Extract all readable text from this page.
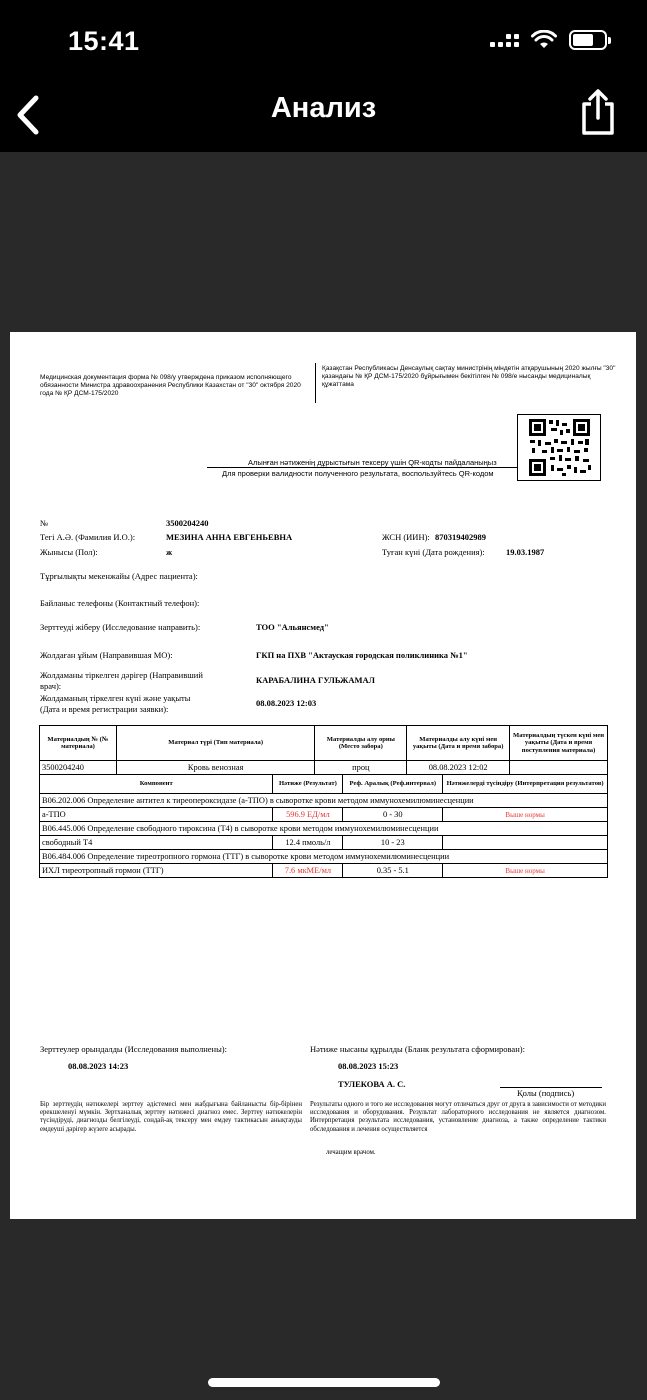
15:41
Анализ
Медицинская документация форма № 098/у утверждена приказом исполняющего обязанности Министра здравоохранения Республики Казахстан от "30" октября 2020 года № ҚР ДСМ-175/2020
Қазақстан Республикасы Денсаулық сақтау министрінің міндетін атқарушының 2020 жылғы "30" қазандағы № ҚР ДСМ-175/2020 бұйрығымен бекітілген № 098/е нысанды медициналық құжаттама
Алынған нәтиженің дұрыстығын тексеру үшін QR-кодты пайдаланыңыз
Для проверки валидности полученного результата, воспользуйтесь QR-кодом
№	3500204240
Тегі А.Ә. (Фамилия И.О.):	МЕЗИНА АННА ЕВГЕНЬЕВНА	ЖСН (ИИН): 870319402989
Жынысы (Пол):	ж	Туған күні (Дата рождения):	19.03.1987
Тұрғылықты мекенжайы (Адрес пациента):
Байланыс телефоны (Контактный телефон):
Зерттеуді жіберу (Исследование направить):	ТОО "Альянсмед"
Жолдаған ұйым (Направившая МО):	ГКП на ПХВ "Актауская городская поликлиника №1"
Жолдаманы тіркелген дәрігер (Направивший
врач):
КАРАБАЛИНА ГУЛЬЖАМАЛ
Жолдаманың тіркелген күні және уақыты
(Дата и время регистрации заявки):
08.08.2023 12:03
Материалдың № (№ материала)	Материал түрі (Тип материала)		Материалды алу орны (Место забора)		Материалды алу күні мен уақыты (Дата и время забора)		Материалдың түскен күні мен уақыты (Дата и время поступления материала)
3500204240	Кровь венозная		проц		08.08.2023 12:02		
Компонент		Нәтиже (Результат)		Реф. Аралық (Реф.интервал)		Нәтижелерді түсіндіру (Интерпретация результатов)	
В06.202.006 Определение антител к тиреопероксидазе (а-ТПО) в сыворотке крови методом иммунохемилюминесценции							
а-ТПО		596.9 ЕД/мл		0 - 30		Выше нормы	
В06.445.006 Определение свободного тироксина (Т4) в сыворотке крови методом иммунохемилюминесценции							
свободный Т4		12.4 пмоль/л		10 - 23			
В06.484.006 Определение тиреотропного гормона (ТТГ) в сыворотке крови методом иммунохемилюминесценции							
ИХЛ тиреотропный гормон (ТТГ)		7.6 мкМЕ/мл		0.35 - 5.1		Выше нормы	
Зерттеулер орындалды (Исследования выполнены):
08.08.2023 14:23
Нәтиже нысаны құрылды (Бланк результата сформирован):
08.08.2023 15:23
ТУЛЕКОВА А. С.
Қолы (подпись)
Бір зерттеудің нәтижелері зерттеу әдістемесі мен жабдығына байланысты бір-бірінен ерекшеленуі мүмкін. Зертханалық зерттеу нәтижесі диагноз емес. Зерттеу нәтижелерін түсіндіруді, диагнозды белгілеуді, сондай-ақ тексеру мен емдеу тактикасын анықтауды емдеуші дәрігер жүзеге асырады.
Результаты одного и того же исследования могут отличаться друг от друга в зависимости от методики исследования и оборудования. Результат лабораторного исследования не является диагнозом. Интерпретация результата исследования, установление диагноза, а также определение тактики обследования и лечения осуществляется
лечащим врачом.
